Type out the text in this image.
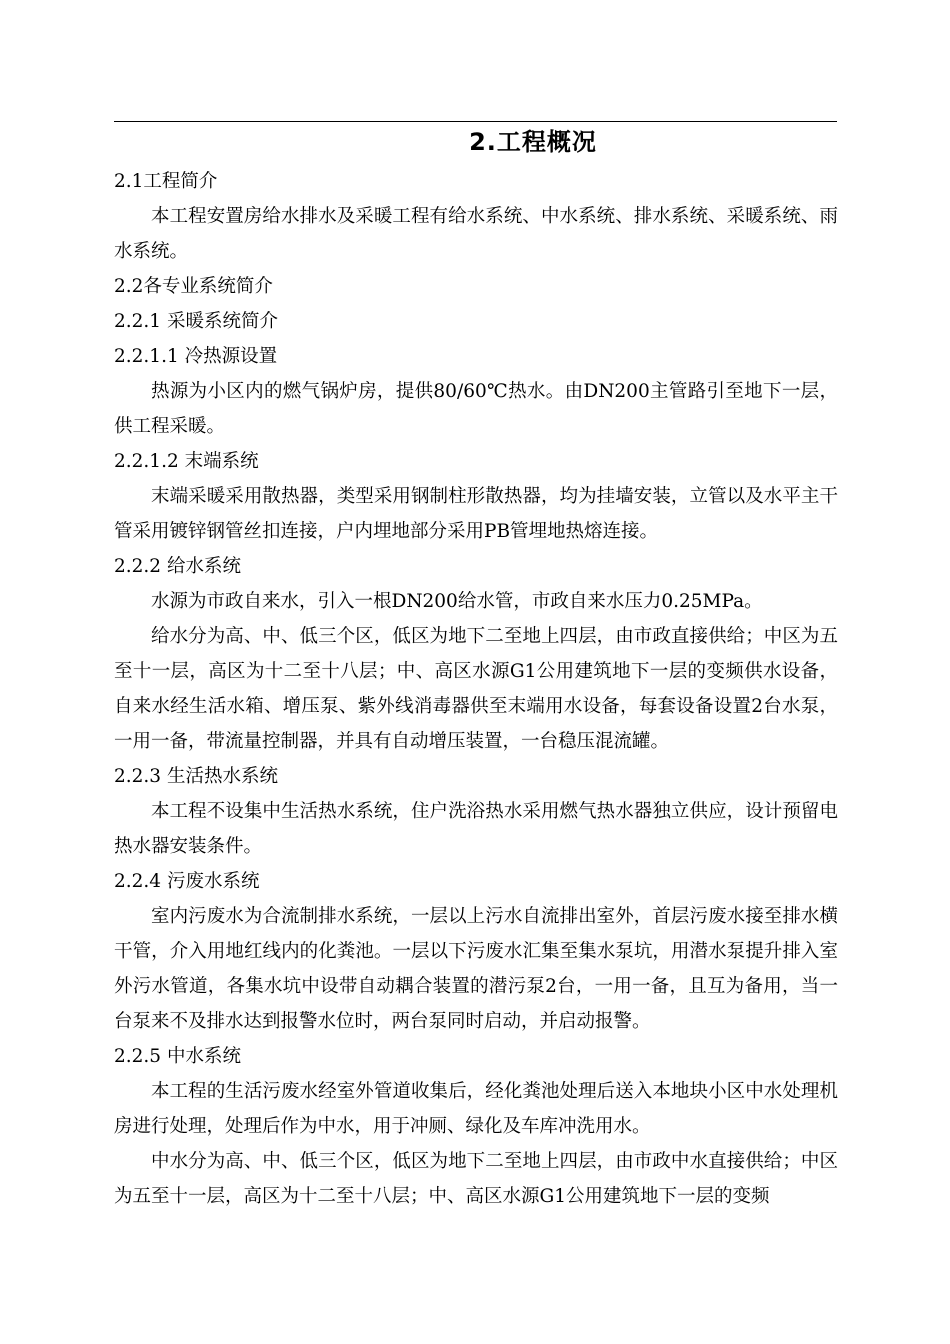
2.工程概况
2.1工程简介
本工程安置房给水排水及采暖工程有给水系统、中水系统、排水系统、采暖系统、雨水系统。
2.2各专业系统简介
2.2.1 采暖系统简介
2.2.1.1 冷热源设置
热源为小区内的燃气锅炉房，提供80/60℃热水。由DN200主管路引至地下一层，供工程采暖。
2.2.1.2 末端系统
末端采暖采用散热器，类型采用钢制柱形散热器，均为挂墙安装，立管以及水平主干管采用镀锌钢管丝扣连接，户内埋地部分采用PB管埋地热熔连接。
2.2.2 给水系统
水源为市政自来水，引入一根DN200给水管，市政自来水压力0.25MPa。
给水分为高、中、低三个区，低区为地下二至地上四层，由市政直接供给；中区为五至十一层，高区为十二至十八层；中、高区水源G1公用建筑地下一层的变频供水设备，自来水经生活水箱、增压泵、紫外线消毒器供至末端用水设备，每套设备设置2台水泵，一用一备，带流量控制器，并具有自动增压装置，一台稳压混流罐。
2.2.3 生活热水系统
本工程不设集中生活热水系统，住户洗浴热水采用燃气热水器独立供应，设计预留电热水器安装条件。
2.2.4 污废水系统
室内污废水为合流制排水系统，一层以上污水自流排出室外，首层污废水接至排水横干管，介入用地红线内的化粪池。一层以下污废水汇集至集水泵坑，用潜水泵提升排入室外污水管道，各集水坑中设带自动耦合装置的潜污泵2台，一用一备，且互为备用，当一台泵来不及排水达到报警水位时，两台泵同时启动，并启动报警。
2.2.5 中水系统
本工程的生活污废水经室外管道收集后，经化粪池处理后送入本地块小区中水处理机房进行处理，处理后作为中水，用于冲厕、绿化及车库冲洗用水。
中水分为高、中、低三个区，低区为地下二至地上四层，由市政中水直接供给；中区为五至十一层，高区为十二至十八层；中、高区水源G1公用建筑地下一层的变频
